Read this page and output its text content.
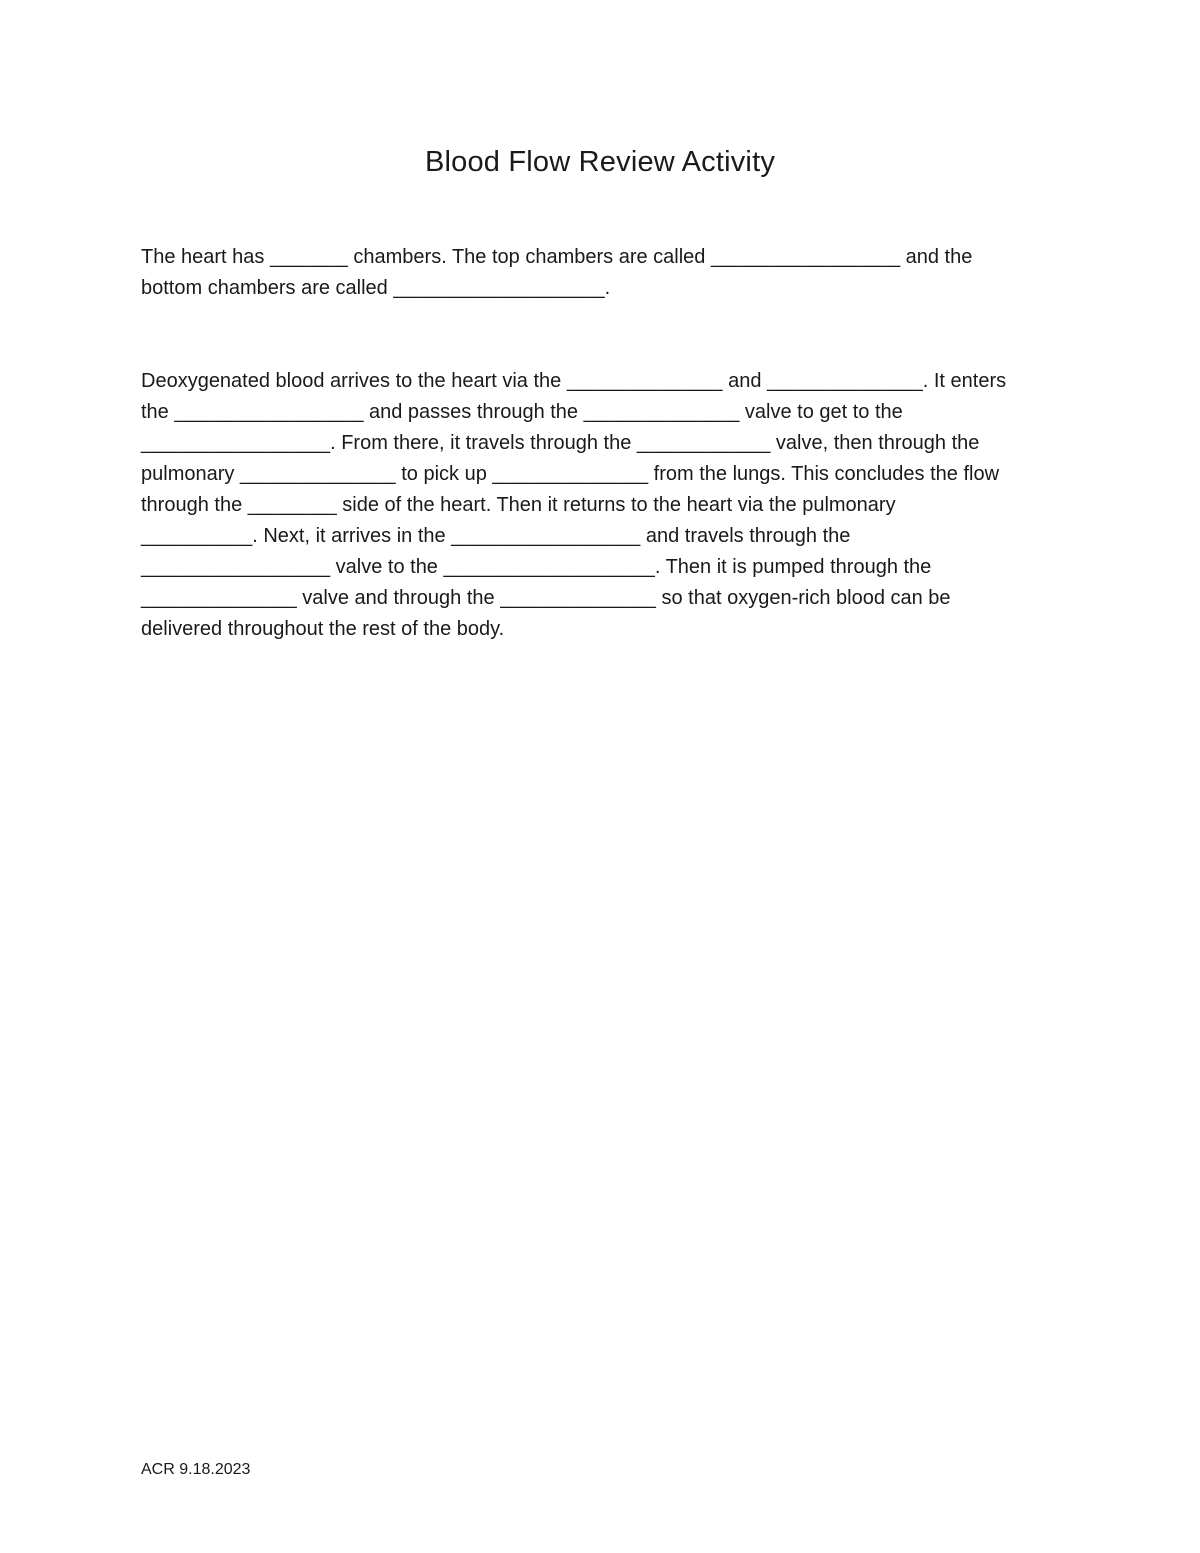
Blood Flow Review Activity

The heart has _______ chambers. The top chambers are called _________________ and the
bottom chambers are called ___________________.

Deoxygenated blood arrives to the heart via the ______________ and ______________. It enters
the _________________ and passes through the ______________ valve to get to the
_________________. From there, it travels through the ____________ valve, then through the
pulmonary ______________ to pick up ______________ from the lungs. This concludes the flow
through the ________ side of the heart. Then it returns to the heart via the pulmonary
__________. Next, it arrives in the _________________ and travels through the
_________________ valve to the ___________________. Then it is pumped through the
______________ valve and through the ______________ so that oxygen-rich blood can be
delivered throughout the rest of the body.

ACR 9.18.2023
